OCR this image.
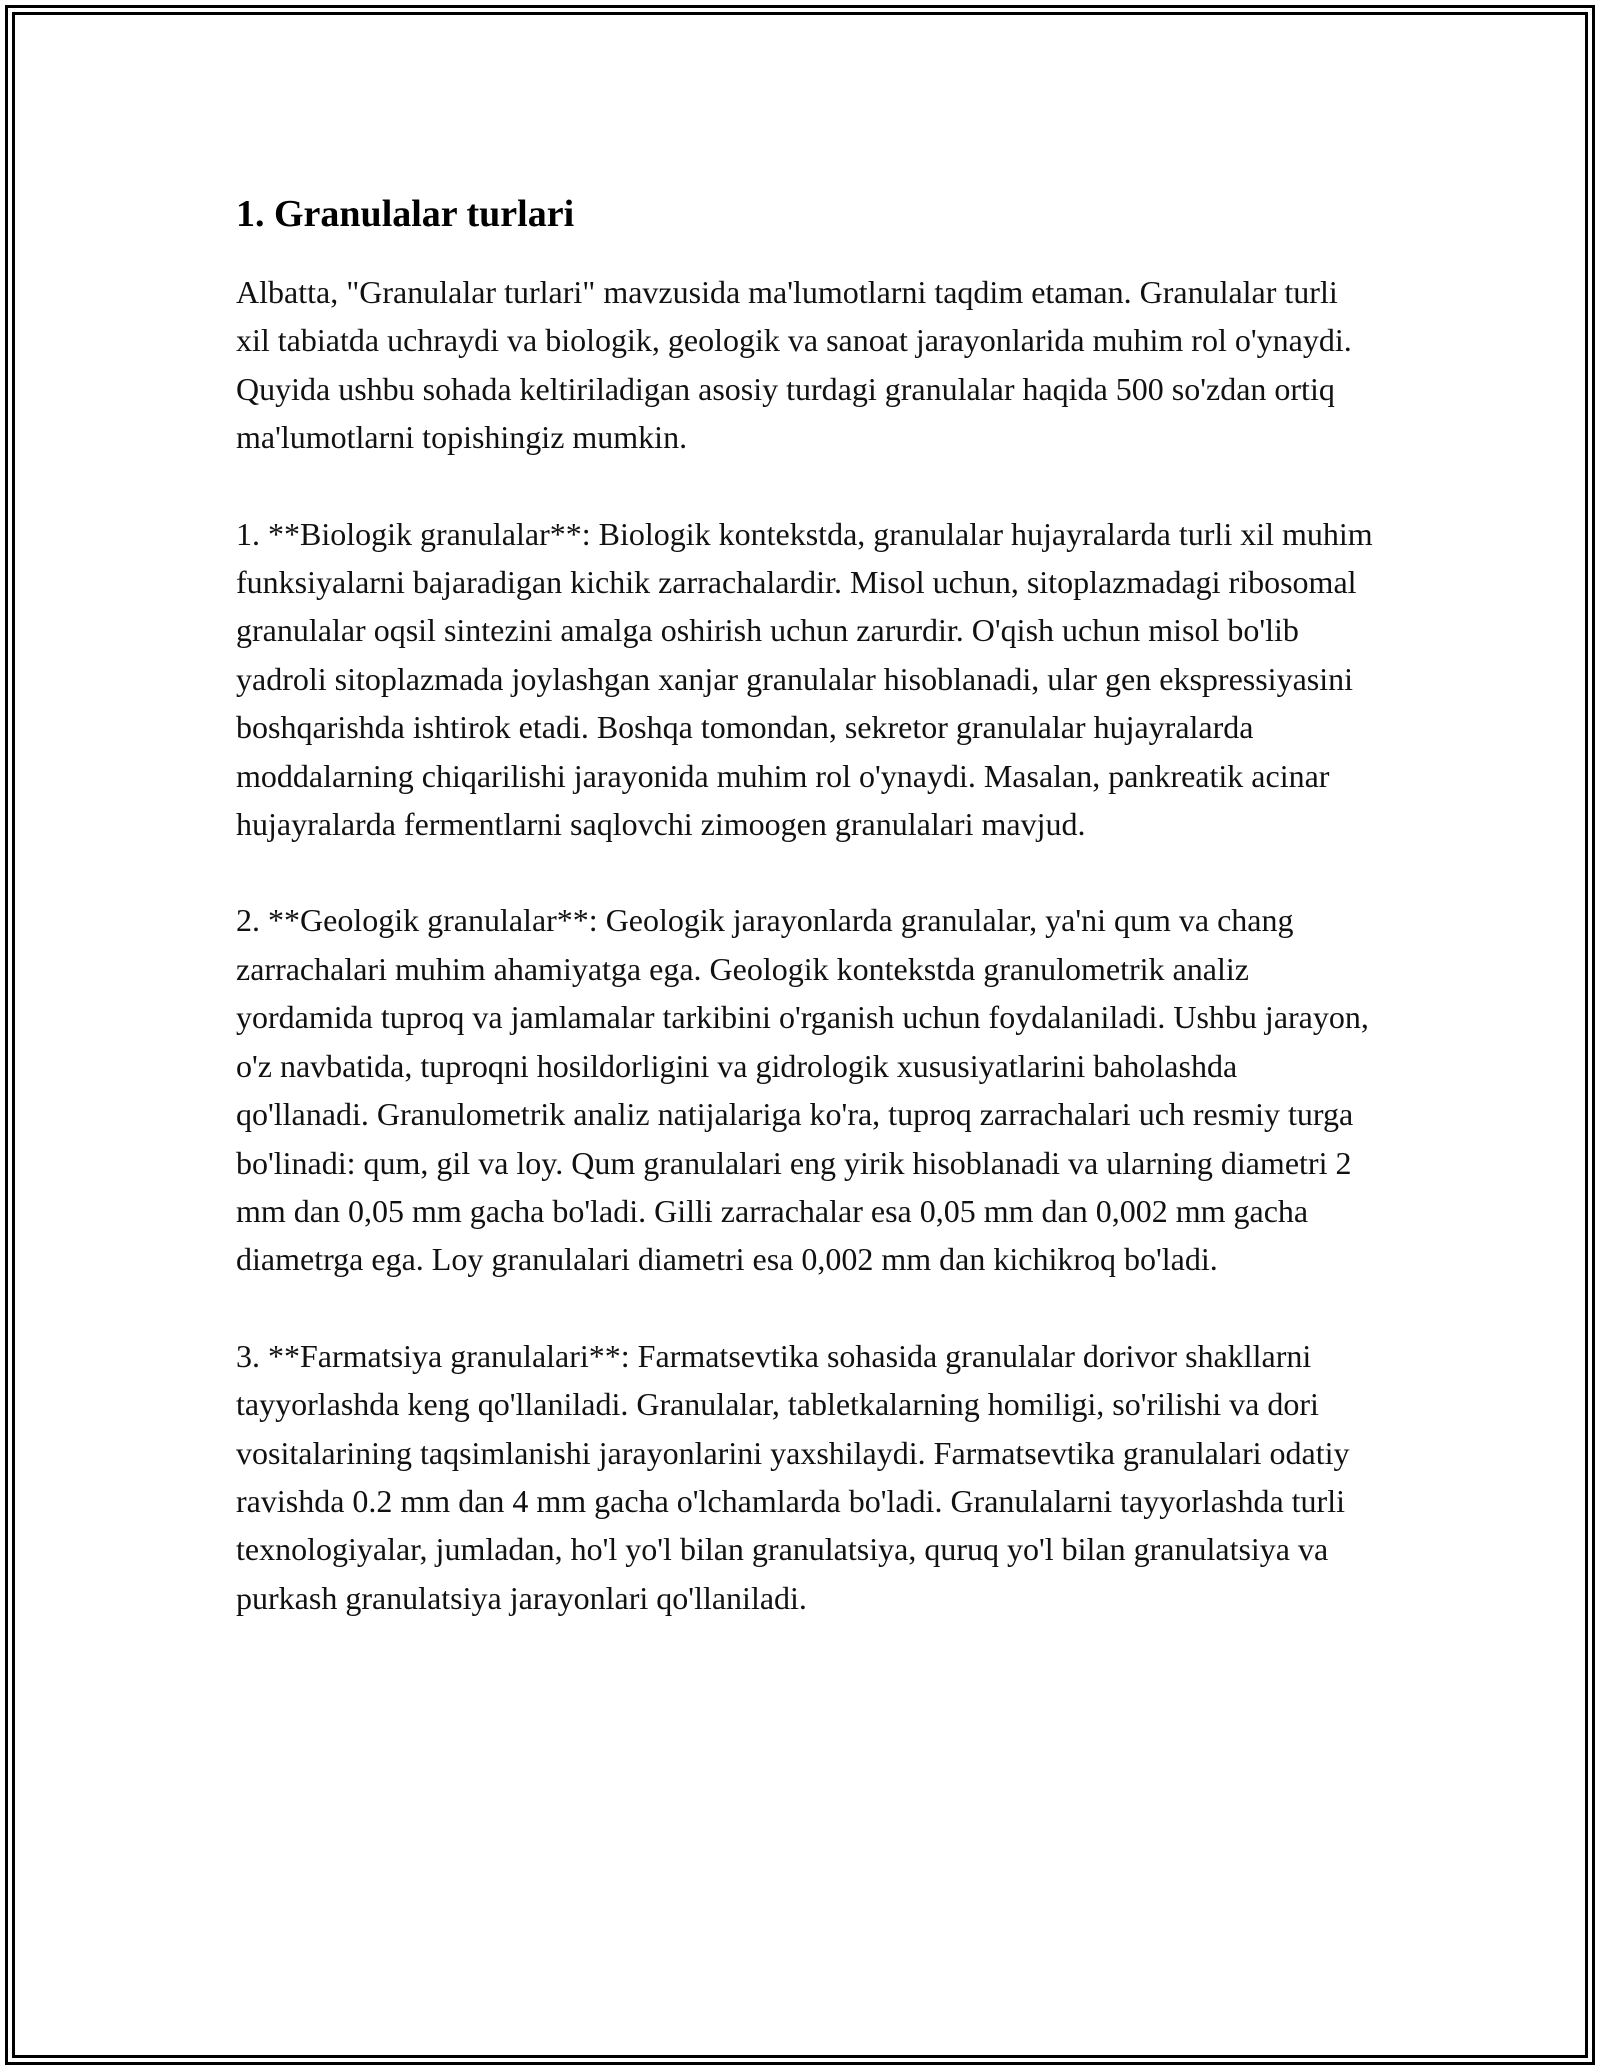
1. Granulalar turlari

Albatta, "Granulalar turlari" mavzusida ma'lumotlarni taqdim etaman. Granulalar turli xil tabiatda uchraydi va biologik, geologik va sanoat jarayonlarida muhim rol o'ynaydi. Quyida ushbu sohada keltiriladigan asosiy turdagi granulalar haqida 500 so'zdan ortiq ma'lumotlarni topishingiz mumkin.

1. **Biologik granulalar**: Biologik kontekstda, granulalar hujayralarda turli xil muhim funksiyalarni bajaradigan kichik zarrachalardir. Misol uchun, sitoplazmadagi ribosomal granulalar oqsil sintezini amalga oshirish uchun zarurdir. O'qish uchun misol bo'lib yadroli sitoplazmada joylashgan xanjar granulalar hisoblanadi, ular gen ekspressiyasini boshqarishda ishtirok etadi. Boshqa tomondan, sekretor granulalar hujayralarda moddalarning chiqarilishi jarayonida muhim rol o'ynaydi. Masalan, pankreatik acinar hujayralarda fermentlarni saqlovchi zimoogen granulalari mavjud.

2. **Geologik granulalar**: Geologik jarayonlarda granulalar, ya'ni qum va chang zarrachalari muhim ahamiyatga ega. Geologik kontekstda granulometrik analiz yordamida tuproq va jamlamalar tarkibini o'rganish uchun foydalaniladi. Ushbu jarayon, o'z navbatida, tuproqni hosildorligini va gidrologik xususiyatlarini baholashda qo'llanadi. Granulometrik analiz natijalariga ko'ra, tuproq zarrachalari uch resmiy turga bo'linadi: qum, gil va loy. Qum granulalari eng yirik hisoblanadi va ularning diametri 2 mm dan 0,05 mm gacha bo'ladi. Gilli zarrachalar esa 0,05 mm dan 0,002 mm gacha diametrga ega. Loy granulalari diametri esa 0,002 mm dan kichikroq bo'ladi.

3. **Farmatsiya granulalari**: Farmatsevtika sohasida granulalar dorivor shakllarni tayyorlashda keng qo'llaniladi. Granulalar, tabletkalarning homiligi, so'rilishi va dori vositalarining taqsimlanishi jarayonlarini yaxshilaydi. Farmatsevtika granulalari odatiy ravishda 0.2 mm dan 4 mm gacha o'lchamlarda bo'ladi. Granulalarni tayyorlashda turli texnologiyalar, jumladan, ho'l yo'l bilan granulatsiya, quruq yo'l bilan granulatsiya va purkash granulatsiya jarayonlari qo'llaniladi.
